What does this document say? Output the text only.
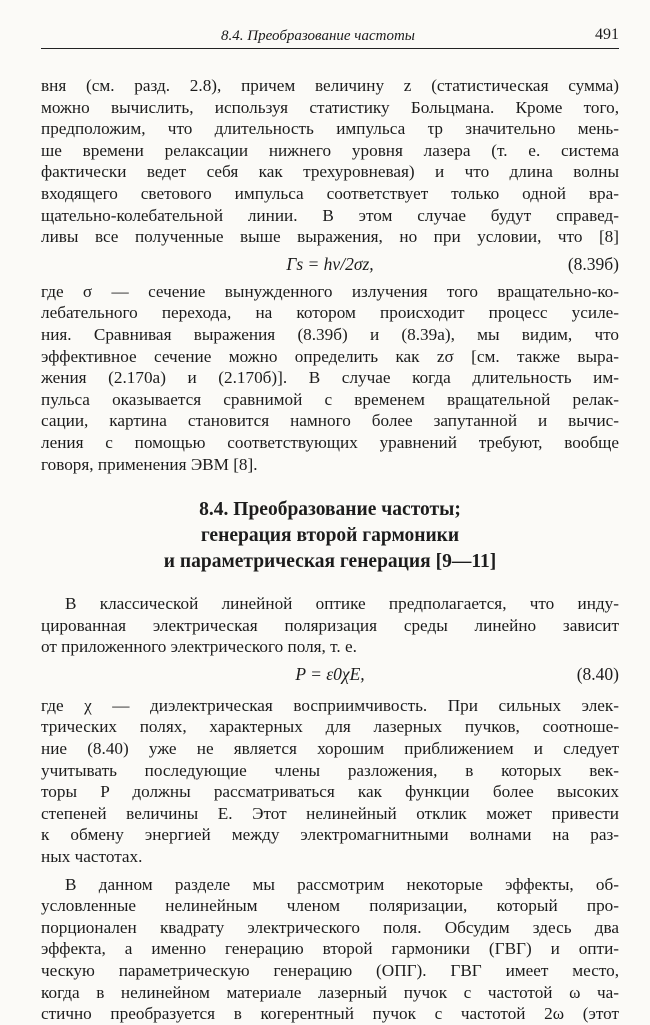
8.4. Преобразование частоты	491
вня (см. разд. 2.8), причем величину z (статистическая сумма)
можно вычислить, используя статистику Больцмана. Кроме того,
предположим, что длительность импульса τp значительно мень-
ше времени релаксации нижнего уровня лазера (т. е. система
фактически ведет себя как трехуровневая) и что длина волны
входящего светового импульса соответствует только одной вра-
щательно-колебательной линии. В этом случае будут справед-
ливы все полученные выше выражения, но при условии, что [8]
Γs = hν/2σz,	(8.39б)
где σ — сечение вынужденного излучения того вращательно-ко-
лебательного перехода, на котором происходит процесс усиле-
ния. Сравнивая выражения (8.39б) и (8.39а), мы видим, что
эффективное сечение можно определить как zσ [см. также выра-
жения (2.170а) и (2.170б)]. В случае когда длительность им-
пульса оказывается сравнимой с временем вращательной релак-
сации, картина становится намного более запутанной и вычис-
ления с помощью соответствующих уравнений требуют, вообще
говоря, применения ЭВМ [8].
8.4. Преобразование частоты;
генерация второй гармоники
и параметрическая генерация [9—11]
В классической линейной оптике предполагается, что инду-
цированная электрическая поляризация среды линейно зависит
от приложенного электрического поля, т. е.
P = ε0χE,	(8.40)
где χ — диэлектрическая восприимчивость. При сильных элек-
трических полях, характерных для лазерных пучков, соотноше-
ние (8.40) уже не является хорошим приближением и следует
учитывать последующие члены разложения, в которых век-
торы P должны рассматриваться как функции более высоких
степеней величины E. Этот нелинейный отклик может привести
к обмену энергией между электромагнитными волнами на раз-
ных частотах.
В данном разделе мы рассмотрим некоторые эффекты, об-
условленные нелинейным членом поляризации, который про-
порционален квадрату электрического поля. Обсудим здесь два
эффекта, а именно генерацию второй гармоники (ГВГ) и опти-
ческую параметрическую генерацию (ОПГ). ГВГ имеет место,
когда в нелинейном материале лазерный пучок с частотой ω ча-
стично преобразуется в когерентный пучок с частотой 2ω (этот
